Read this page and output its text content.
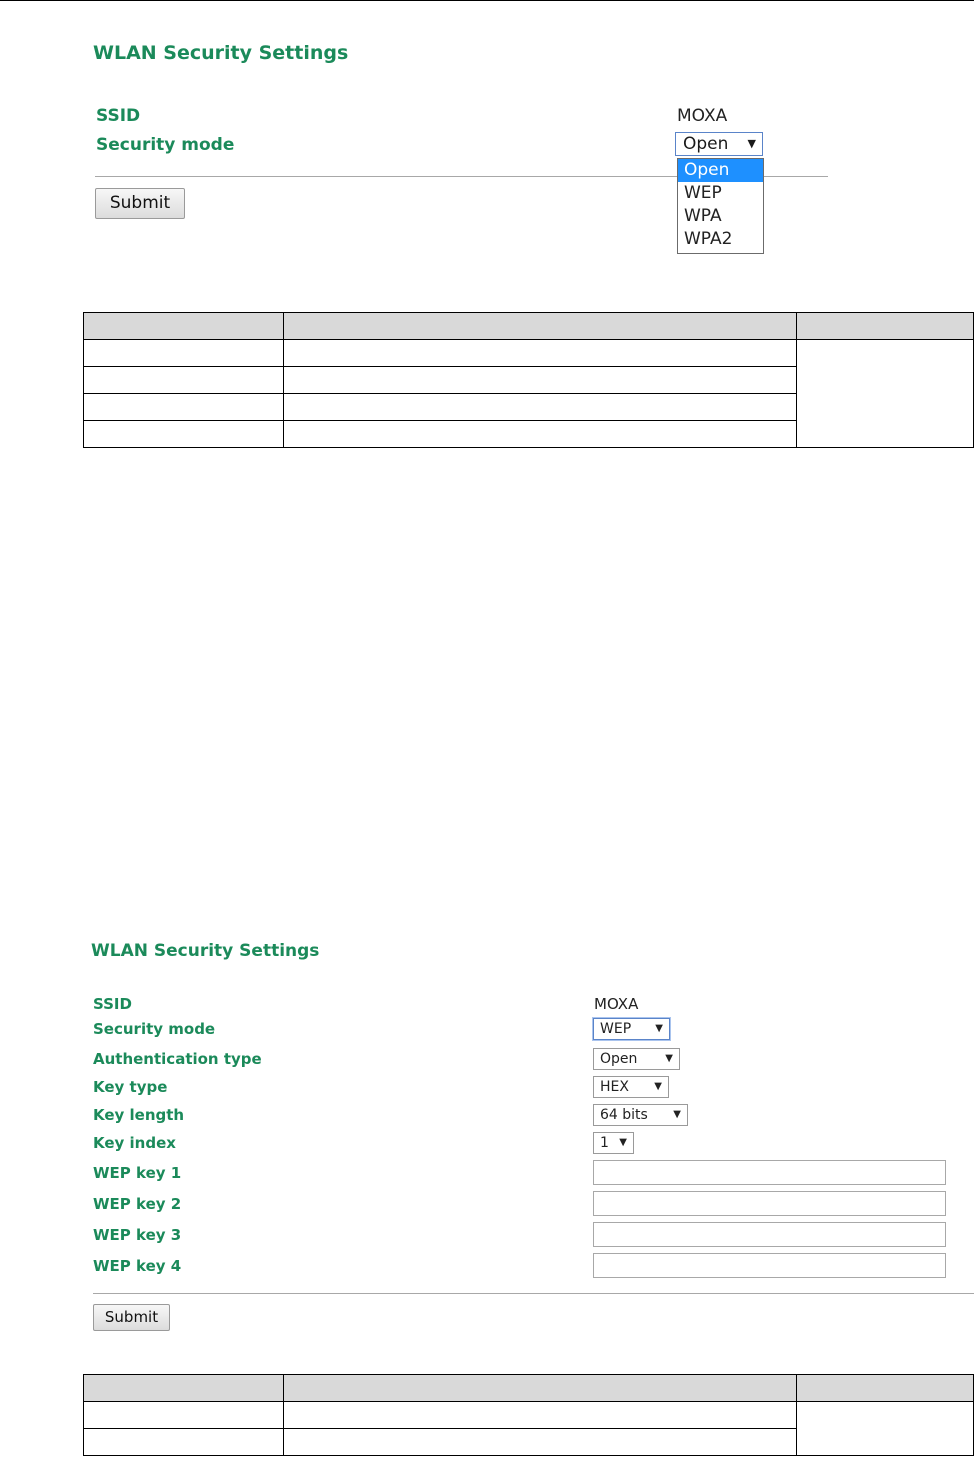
WLAN Security Settings
SSID	MOXA
Security mode	Open ▼
Open
WEP
WPA
WPA2
Submit

WLAN Security Settings
SSID	MOXA
Security mode	WEP ▼
Authentication type	Open	▼
Key type	HEX	▼
Key length	64 bits	▼
Key index	1 ▼
WEP key 1
WEP key 2
WEP key 3
WEP key 4
Submit
